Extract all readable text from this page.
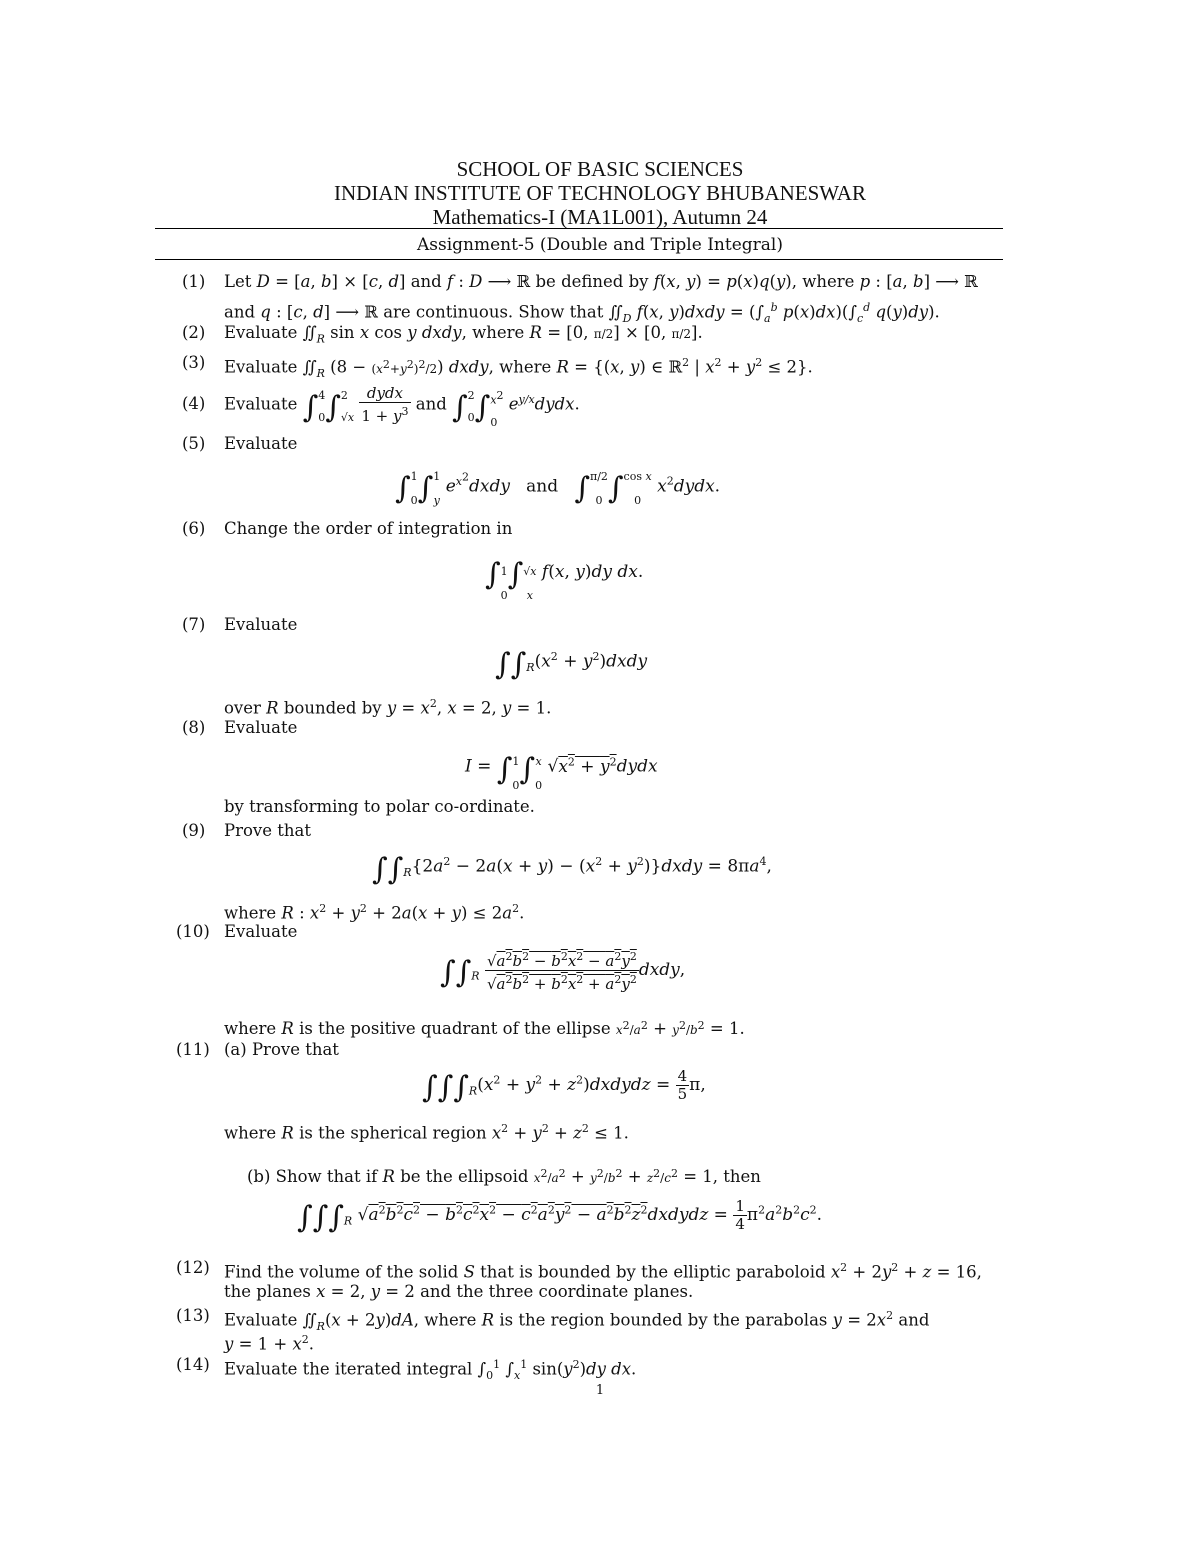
SCHOOL OF BASIC SCIENCES
INDIAN INSTITUTE OF TECHNOLOGY BHUBANESWAR
Mathematics-I (MA1L001), Autumn 24
Assignment-5 (Double and Triple Integral)
(1)	Let D = [a, b] × [c, d] and f : D ⟶ ℝ be defined by f(x, y) = p(x)q(y), where p : [a, b] ⟶ ℝ
and q : [c, d] ⟶ ℝ are continuous. Show that $∬_D$ f(x, y)dxdy = ($\int_a^b$ $p(x)dx)(\int_c^d$ q(y)dy).
(2)	Evaluate $∬_R$ sin x cos y dxdy, where R = [0, π/2] × [0, π/2].
(3)	Evaluate $∬_R$ $(8 - (x^2+y^2)^2/2)$ dxdy, where R = {(x, y) ∈ ℝ$^2$ | $x^2 + y^2 \le 2$}.
(4)	Evaluate ∫4
0∫2
$√x \frac{\text{dydx}}{1 + y^3}$ and ∫2
$0\int x^2$
0 $e^{y/x}dydx$.
(5)	Evaluate
∫1
0∫1
y $e^{x^2}dxdy$   and   ∫π/2
0 ∫cos x
0 $x^2dydx$.
(6)	Change the order of integration in
∫1
0∫√x
x f(x, y)dy dx.
(7)	Evaluate
$\int\int_R(x^2$ + $y^2)dxdy$
over R bounded by $y = x^2$, x = 2, y = 1.
(8)	Evaluate
I = ∫1
0∫x
0 $√x^2$ + $y^2dydx$
by transforming to polar co-ordinate.
(9)	Prove that
$\int\int_R\{2a^2 - 2a(x + y) - (x^2$ + $y^2)\}dxdy = 8\pi a^4$,
where R : $x^2 + y^2 + 2a(x + y) \le 2a^2$.
(10) Evaluate
$\int\int_R \frac{√a^2b^2 - b^2x^2 - a^2y^2}{√a^2b^2 + b^2x^2 + a^2y^2}$ dxdy,
where R is the positive quadrant of the ellipse $x^2/a^2 + y^2/b^2 = 1$.
(11) (a) Prove that
$\int\int\int_R(x^2 + y^2$ + $z^2)dxdydz = \frac{4}{5} \pi$,
where R is the spherical region $x^2 + y^2 + z^2 \le 1$.
(b) Show that if R be the ellipsoid $x^2/a^2 + y^2/b^2 + z^2/c^2 = 1$, then
$\int\int\int_R$ $√a^2b^2c^2 - b^2c^2x^2 - c^2a^2y^2$ − $a^2b^2z^2dxdydz = \frac{1}{4} \pi^2a^2b^2c^2$.
(12) Find the volume of the solid S that is bounded by the elliptic paraboloid $x^2 + 2y^2 + z = 16$,
the planes x = 2, y = 2 and the three coordinate planes.
(13) Evaluate $∬_R(x + 2y)dA$, where R is the region bounded by the parabolas $y = 2x^2$ and
$y = 1 + x^2$.
(14) Evaluate the iterated integral $\int_0^1$ $\int_x^1$ $\sin(y^2)dy$ dx.
1
